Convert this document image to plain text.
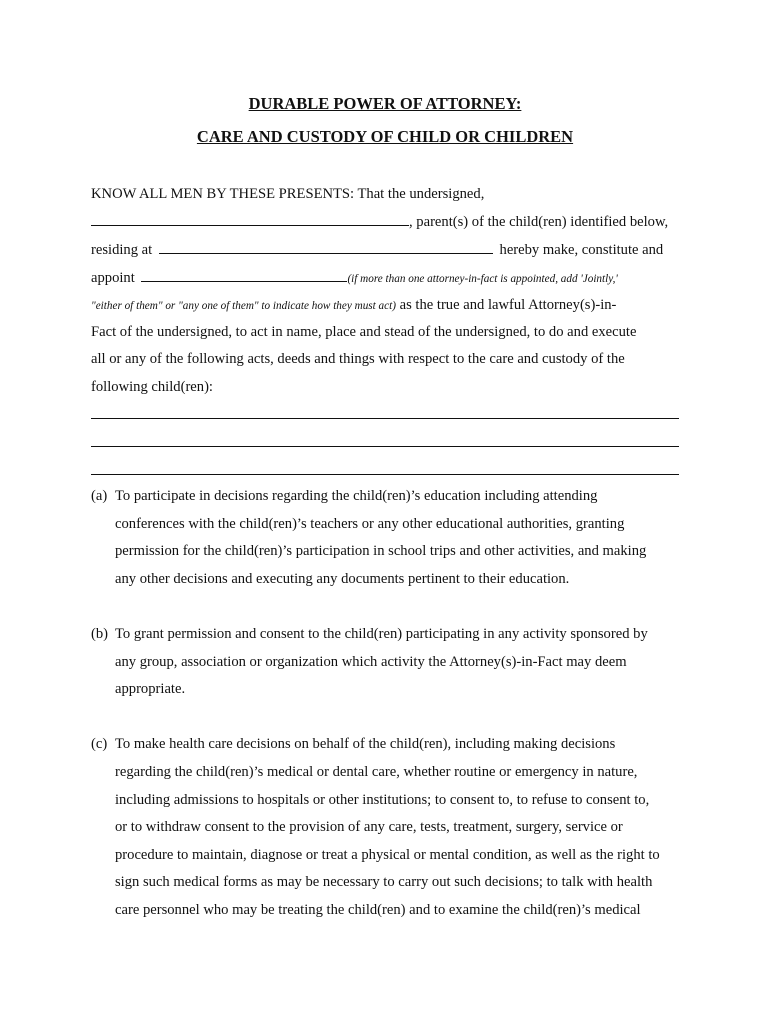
DURABLE POWER OF ATTORNEY:
CARE AND CUSTODY OF CHILD OR CHILDREN
KNOW ALL MEN BY THESE PRESENTS: That the undersigned,
, parent(s) of the child(ren) identified below,
residing at	hereby make, constitute and
appoint	(if more than one attorney-in-fact is appointed, add 'Jointly,'
"either of them" or "any one of them" to indicate how they must act) as the true and lawful Attorney(s)-in-
Fact of the undersigned, to act in name, place and stead of the undersigned, to do and execute
all or any of the following acts, deeds and things with respect to the care and custody of the
following child(ren):
(a) To participate in decisions regarding the child(ren)’s education including attending
conferences with the child(ren)’s teachers or any other educational authorities, granting
permission for the child(ren)’s participation in school trips and other activities, and making
any other decisions and executing any documents pertinent to their education.
(b) To grant permission and consent to the child(ren) participating in any activity sponsored by
any group, association or organization which activity the Attorney(s)-in-Fact may deem
appropriate.
(c) To make health care decisions on behalf of the child(ren), including making decisions
regarding the child(ren)’s medical or dental care, whether routine or emergency in nature,
including admissions to hospitals or other institutions; to consent to, to refuse to consent to,
or to withdraw consent to the provision of any care, tests, treatment, surgery, service or
procedure to maintain, diagnose or treat a physical or mental condition, as well as the right to
sign such medical forms as may be necessary to carry out such decisions; to talk with health
care personnel who may be treating the child(ren) and to examine the child(ren)’s medical
